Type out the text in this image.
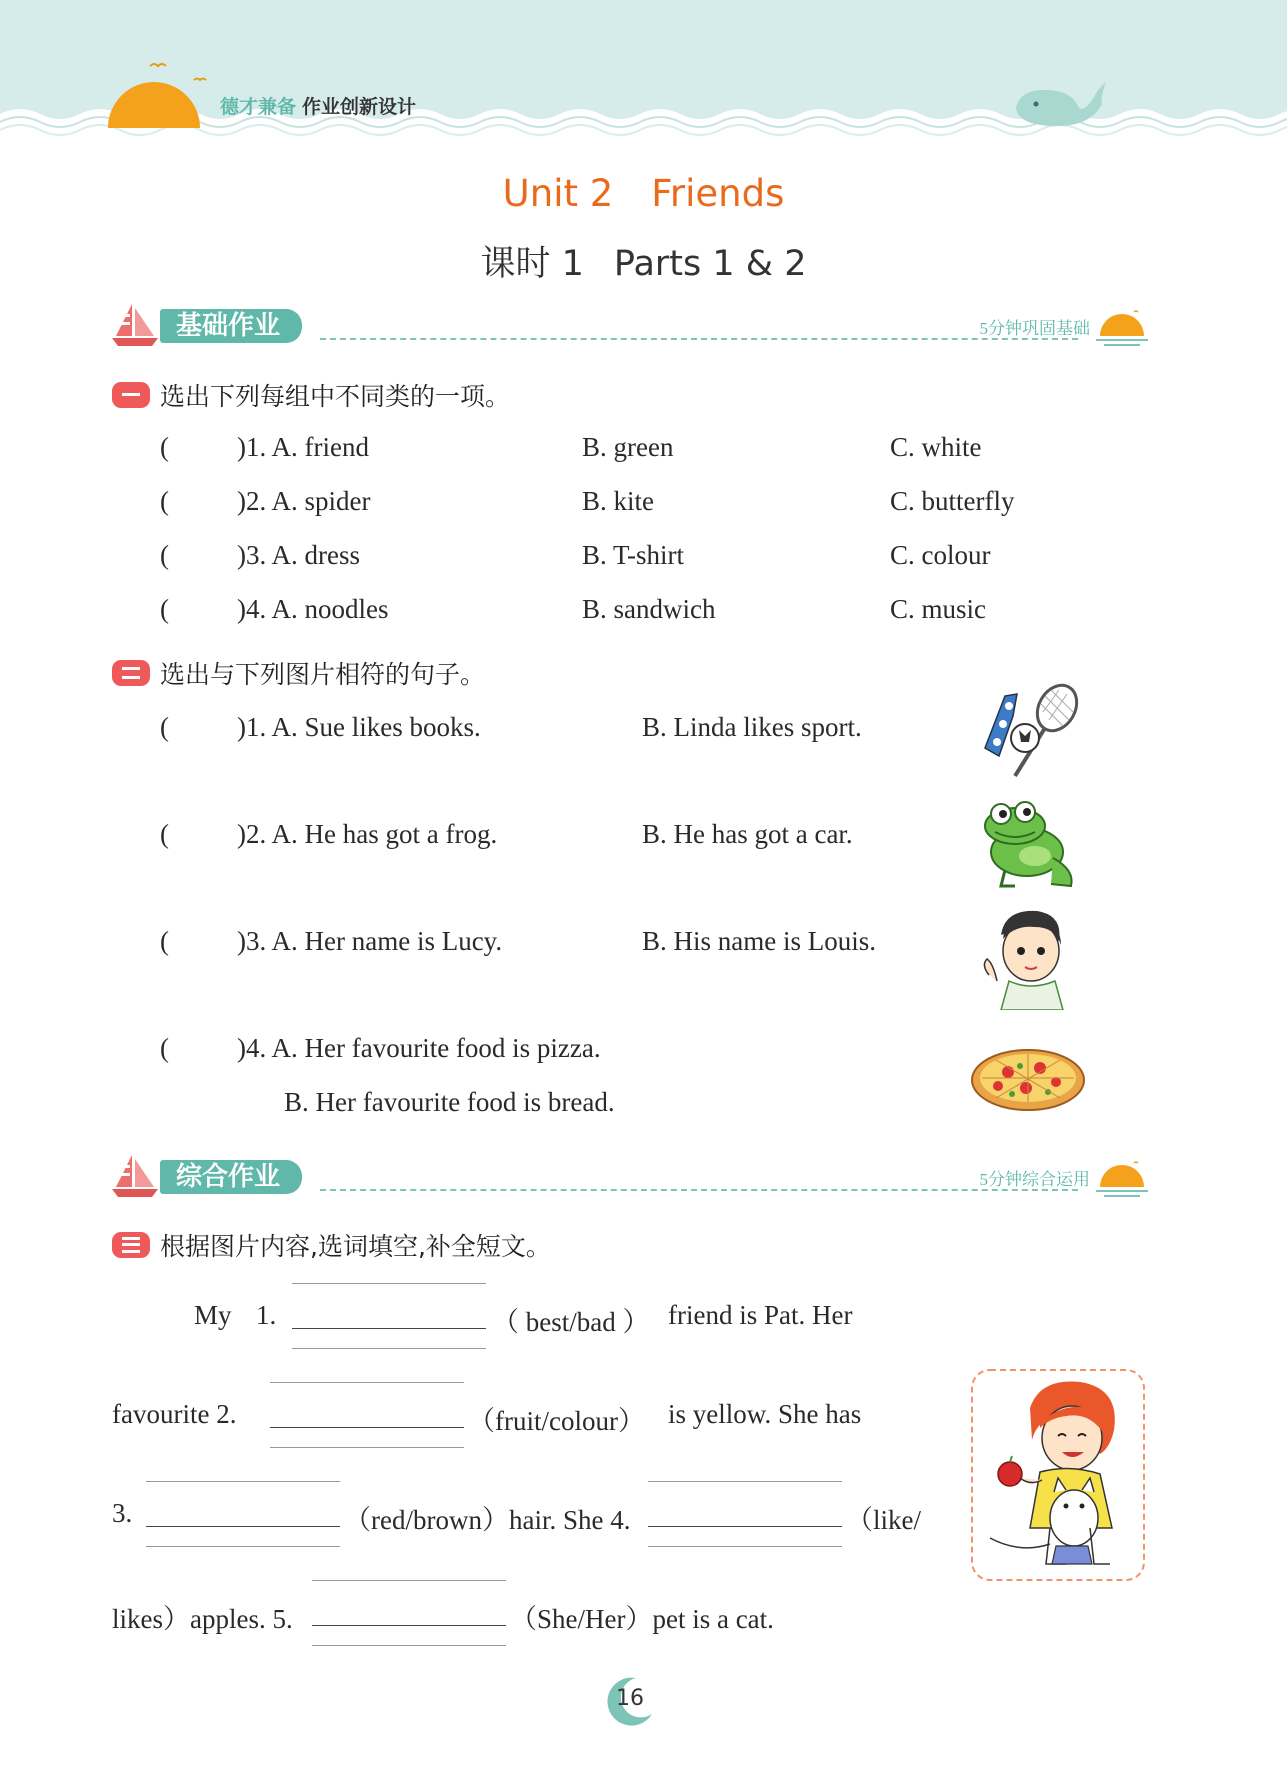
德才兼备 作业创新设计
Unit 2 Friends
课时 1 Parts 1 & 2
基础作业	5分钟巩固基础
选出下列每组中不同类的一项。
(	)1. A. friend	B. green	C. white
(	)2. A. spider	B. kite	C. butterfly
(	)3. A. dress	B. T-shirt	C. colour
(	)4. A. noodles	B. sandwich	C. music
选出与下列图片相符的句子。
(	)1. A. Sue likes books.	B. Linda likes sport.
(	)2. A. He has got a frog.	B. He has got a car.
(	)3. A. Her name is Lucy.	B. His name is Louis.
(	)4. A. Her favourite food is pizza.
B. Her favourite food is bread.
综合作业	5分钟综合运用
根据图片内容,选词填空,补全短文。
My 1.	（ best/bad ） friend is Pat. Her
favourite 2.	（fruit/colour） is yellow. She has
3.	（red/brown）hair. She 4.	（like/
likes）apples. 5.	（She/Her）pet is a cat.
16
